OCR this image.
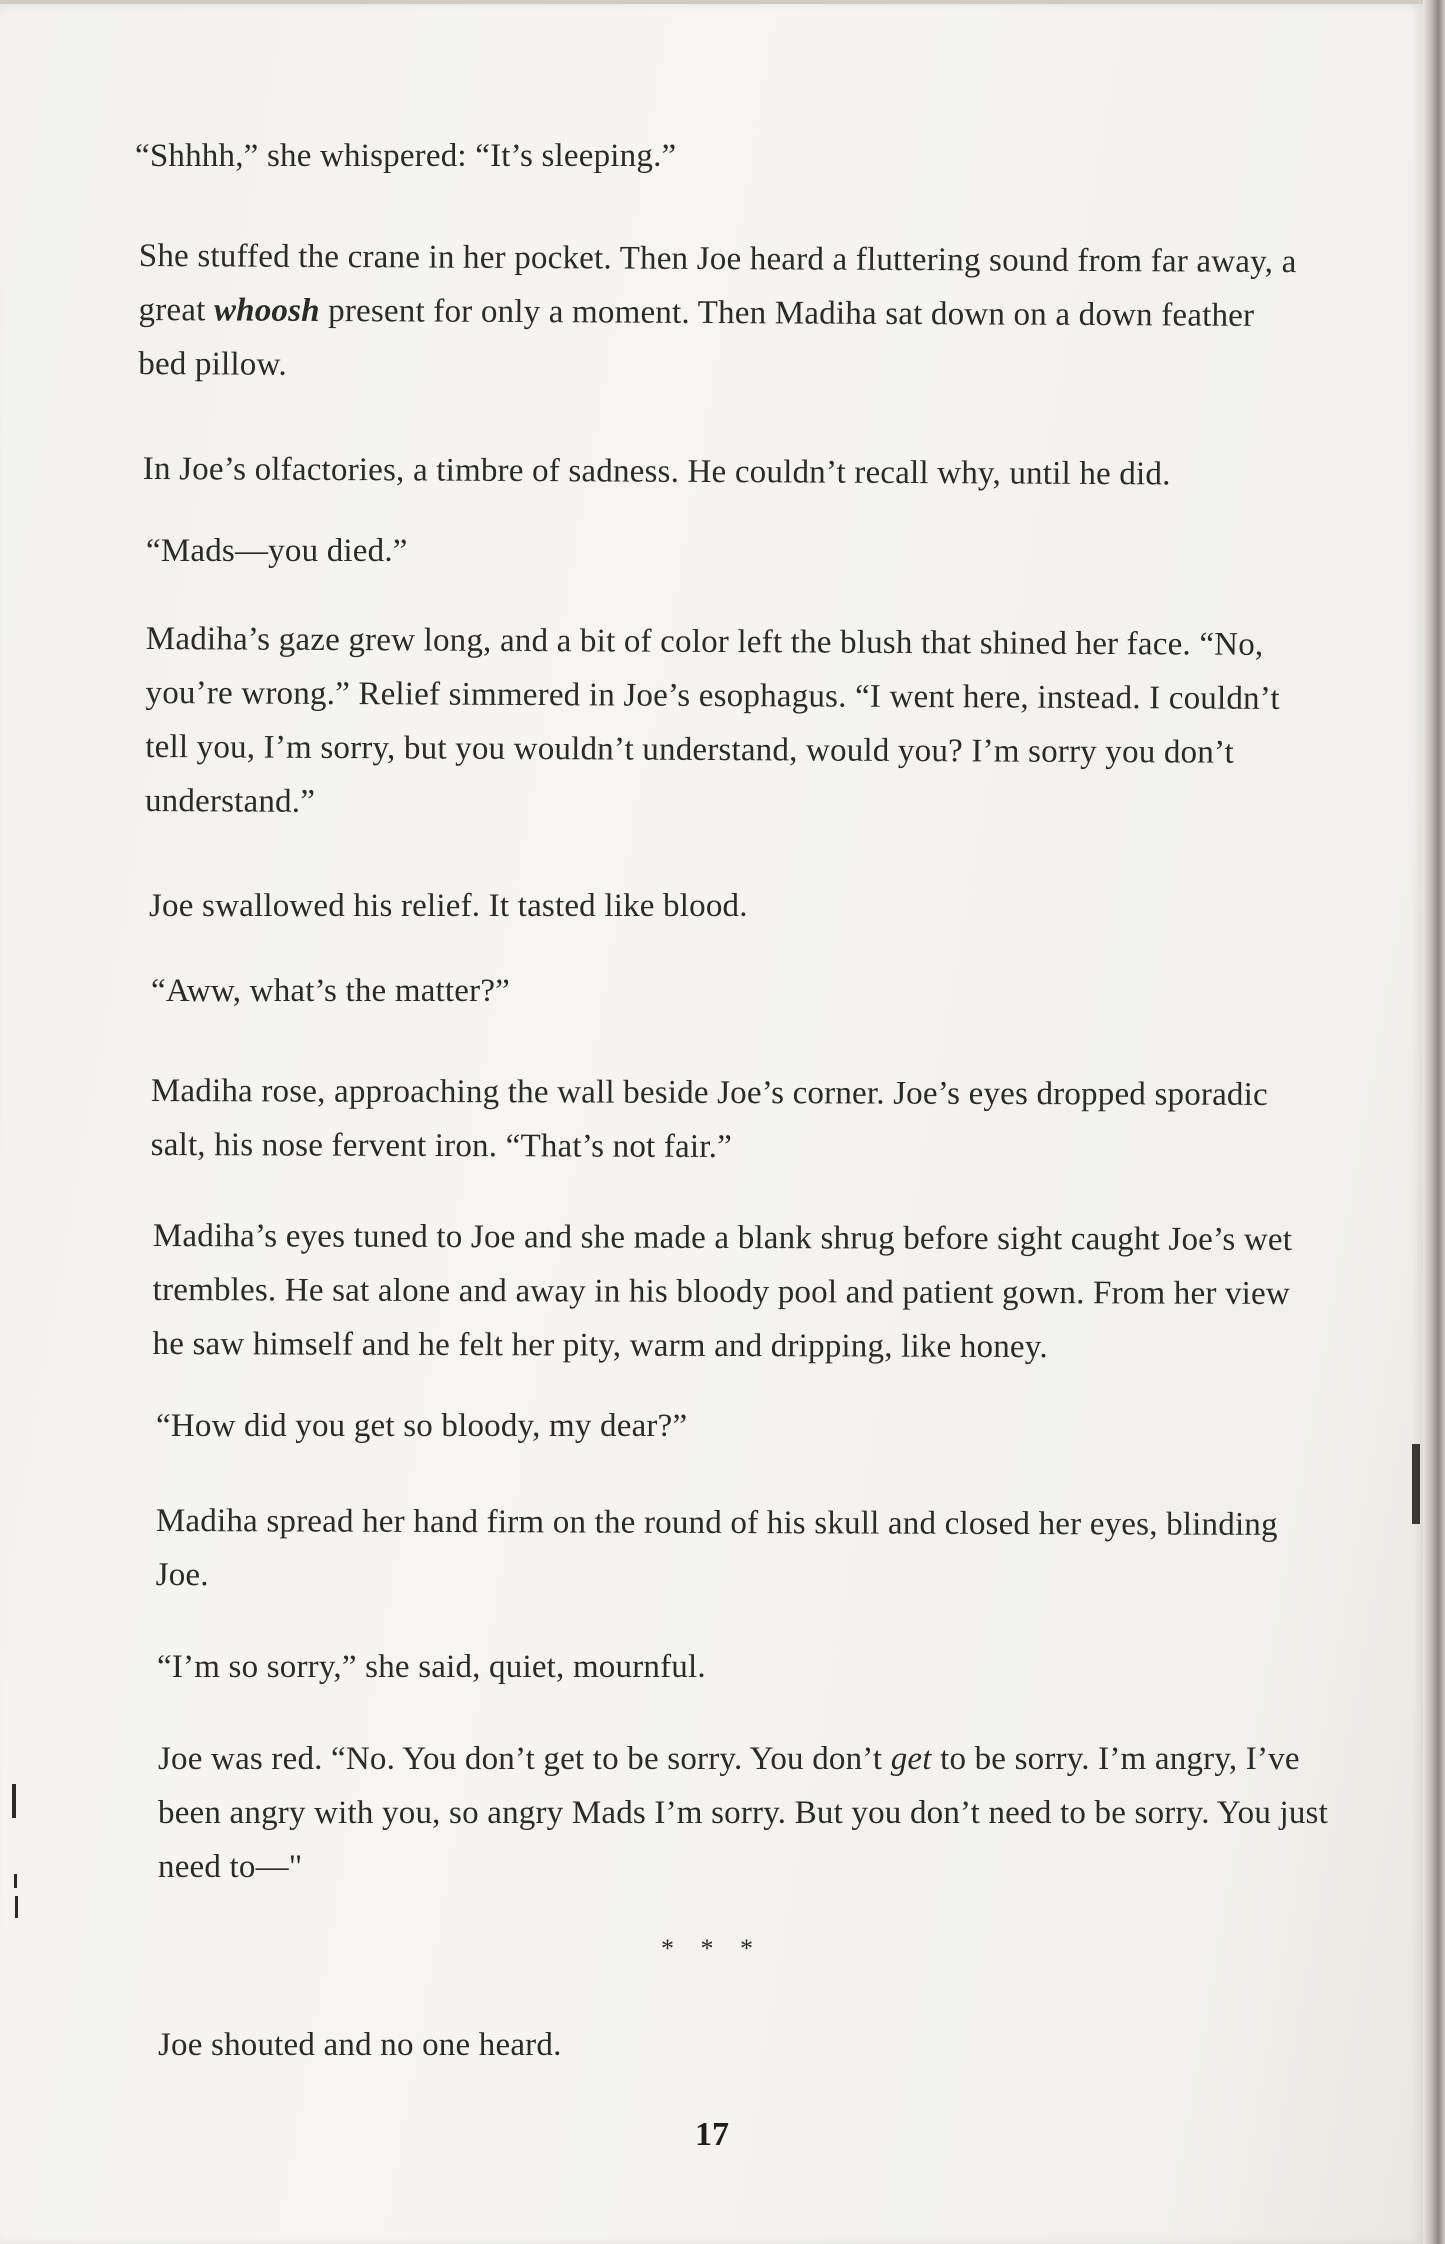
“Shhhh,” she whispered: “It’s sleeping.”

She stuffed the crane in her pocket. Then Joe heard a fluttering sound from far away, a great whoosh present for only a moment. Then Madiha sat down on a down feather bed pillow.

In Joe’s olfactories, a timbre of sadness. He couldn’t recall why, until he did.

“Mads—you died.”

Madiha’s gaze grew long, and a bit of color left the blush that shined her face. “No, you’re wrong.” Relief simmered in Joe’s esophagus. “I went here, instead. I couldn’t tell you, I’m sorry, but you wouldn’t understand, would you? I’m sorry you don’t understand.”

Joe swallowed his relief. It tasted like blood.

“Aww, what’s the matter?”

Madiha rose, approaching the wall beside Joe’s corner. Joe’s eyes dropped sporadic salt, his nose fervent iron. “That’s not fair.”

Madiha’s eyes tuned to Joe and she made a blank shrug before sight caught Joe’s wet trembles. He sat alone and away in his bloody pool and patient gown. From her view he saw himself and he felt her pity, warm and dripping, like honey.

“How did you get so bloody, my dear?”

Madiha spread her hand firm on the round of his skull and closed her eyes, blinding Joe.

“I’m so sorry,” she said, quiet, mournful.

Joe was red. “No. You don’t get to be sorry. You don’t get to be sorry. I’m angry, I’ve been angry with you, so angry Mads I’m sorry. But you don’t need to be sorry. You just need to—"

* * *

Joe shouted and no one heard.

17
